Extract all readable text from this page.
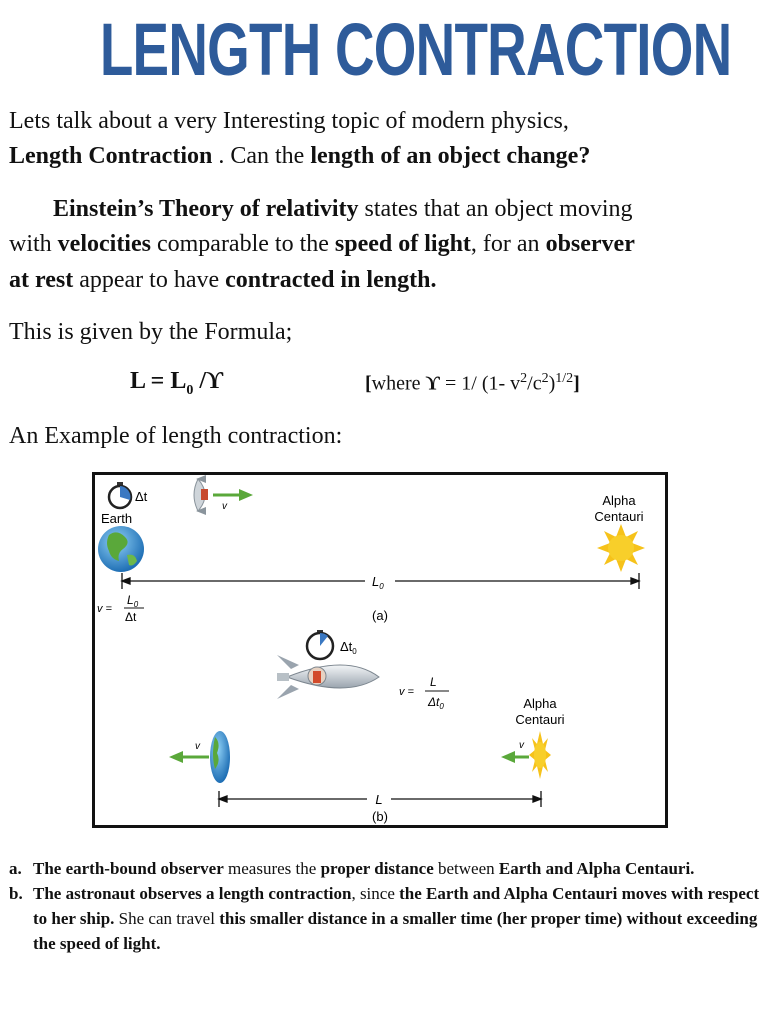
LENGTH CONTRACTION
Lets talk about a very Interesting topic of modern physics,
Length Contraction . Can the length of an object change?
Einstein’s Theory of relativity states that an object moving
with velocities comparable to the speed of light, for an observer
at rest appear to have contracted in length.
This is given by the Formula;
$L = L_0$ /ϒ	[where ϒ = 1/ (1- $v^2/c^2)^{1/2}$]
An Example of length contraction:
Δt
Earth
v	Alpha
Centauri
$L_0$
v =
$L_0$
Δt	(a)
$\Delta t_0$
v =
L
$\Delta t_0$	Alpha
Centauri
v	v
L
(b)
a. The earth-bound observer measures the proper distance between Earth and Alpha Centauri.
b. The astronaut observes a length contraction, since the Earth and Alpha Centauri moves with respect to her ship. She can travel this smaller distance in a smaller time (her proper time) without exceeding the speed of light.
